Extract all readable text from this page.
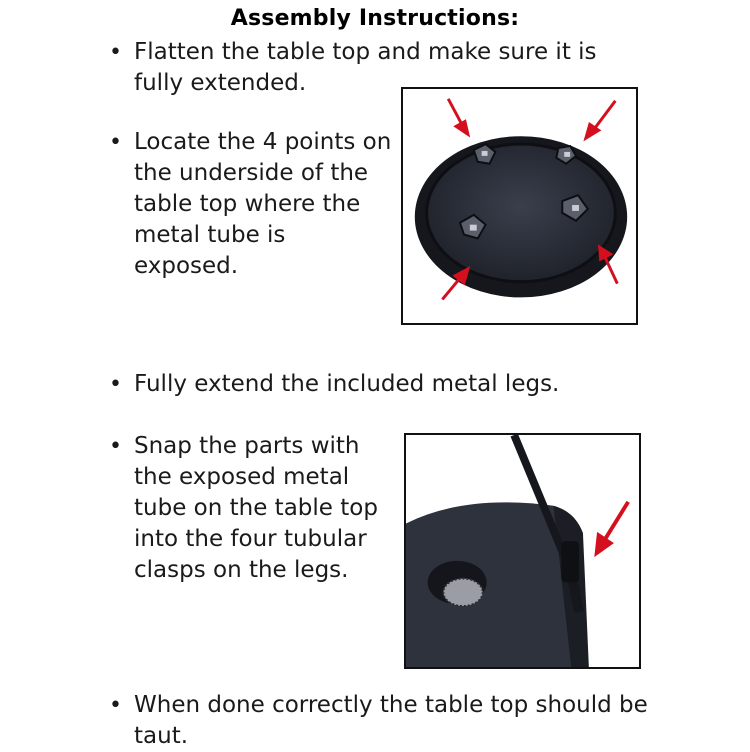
Assembly Instructions:
• Flatten the table top and make sure it is fully extended.
• Locate the 4 points on the underside of the table top where the metal tube is exposed.
• Fully extend the included metal legs.
• Snap the parts with the exposed metal tube on the table top into the four tubular clasps on the legs.
• When done correctly the table top should be taut.
